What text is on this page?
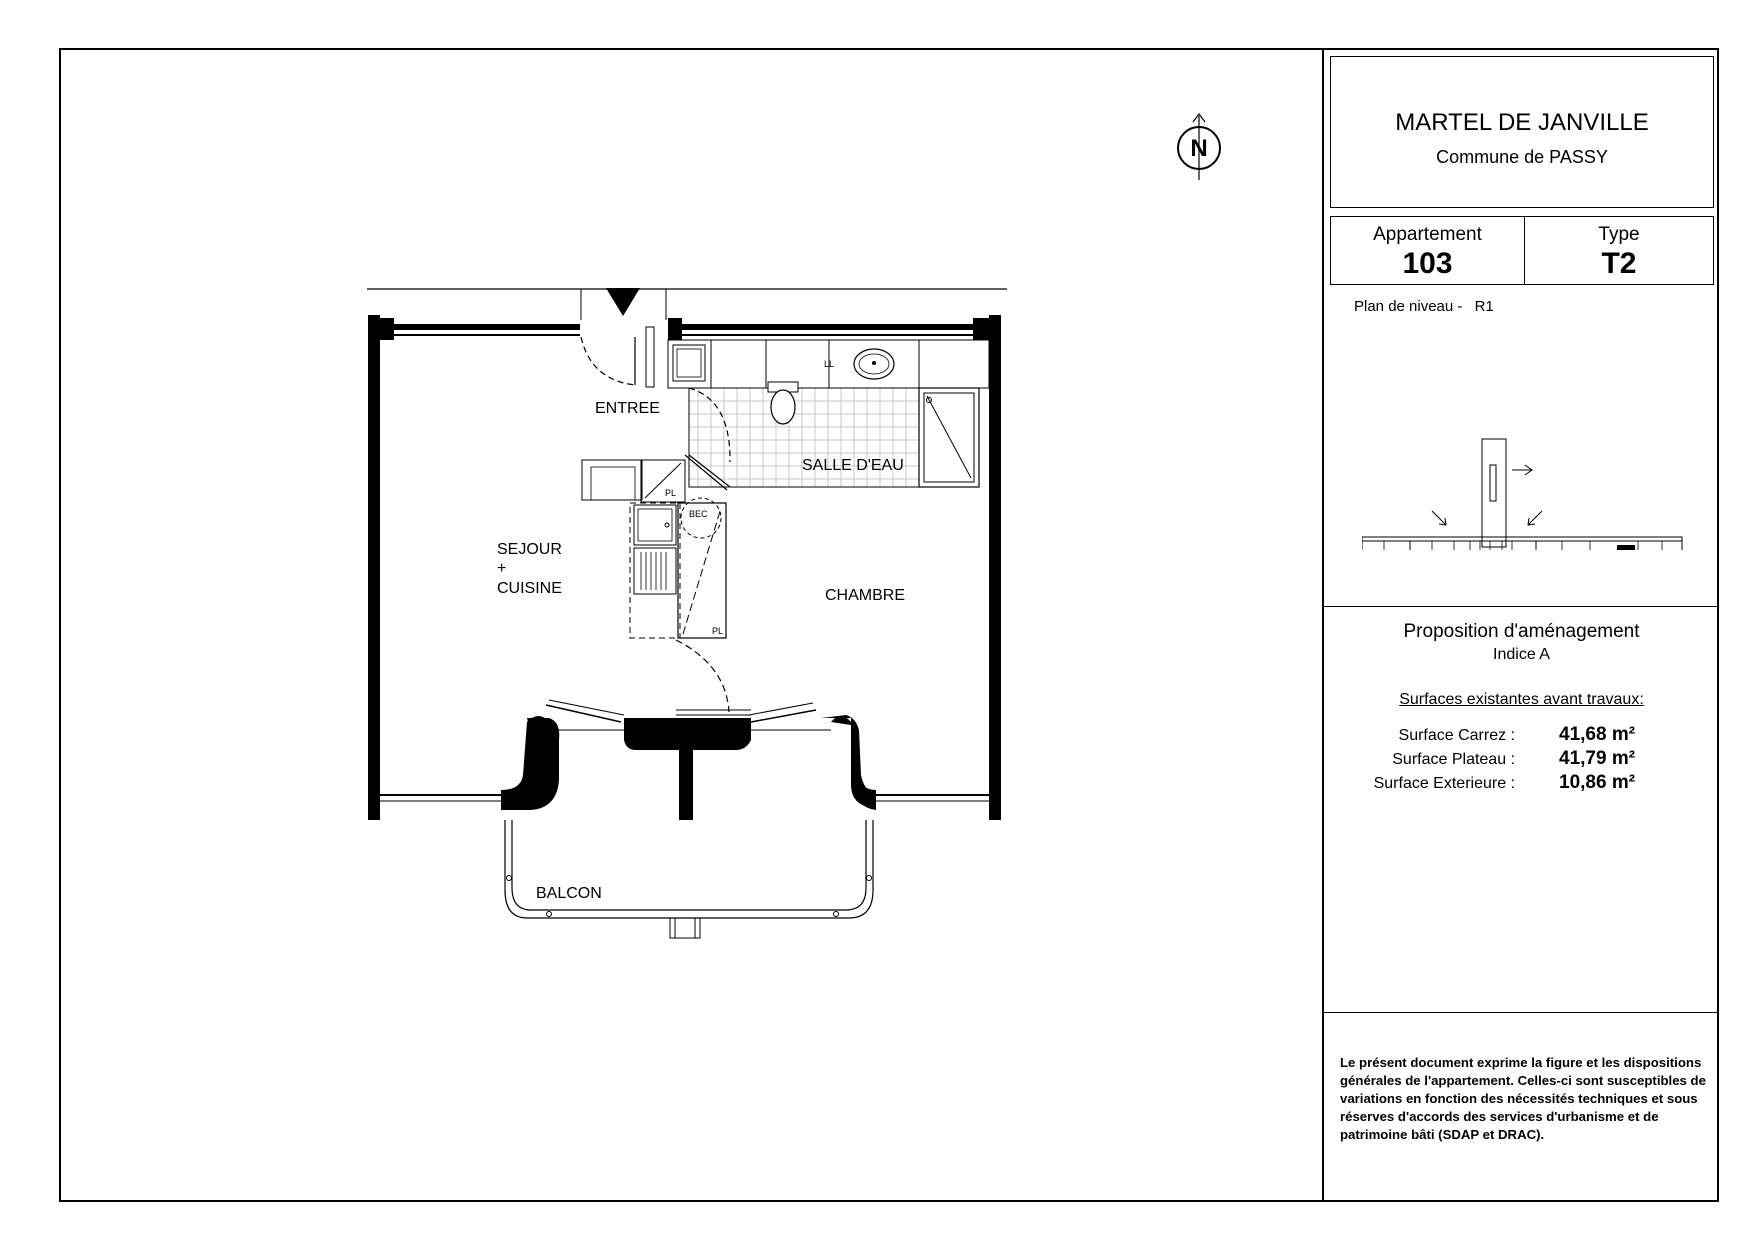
N
ENTREE
SALLE D'EAU
SEJOUR
+
CUISINE	CHAMBRE
BALCON
LL
PL
PL
BEC
MARTEL DE JANVILLE
Commune de PASSY
Appartement
103
Type
T2
Plan de niveau - R1
Proposition d'aménagement
Indice A
Surfaces existantes avant travaux:
Surface Carrez : 41,68 m²
Surface Plateau : 41,79 m²
Surface Exterieure : 10,86 m²
Le présent document exprime la figure et les dispositions générales de l'appartement. Celles-ci sont susceptibles de variations en fonction des nécessités techniques et sous réserves d'accords des services d'urbanisme et de patrimoine bâti (SDAP et DRAC).
